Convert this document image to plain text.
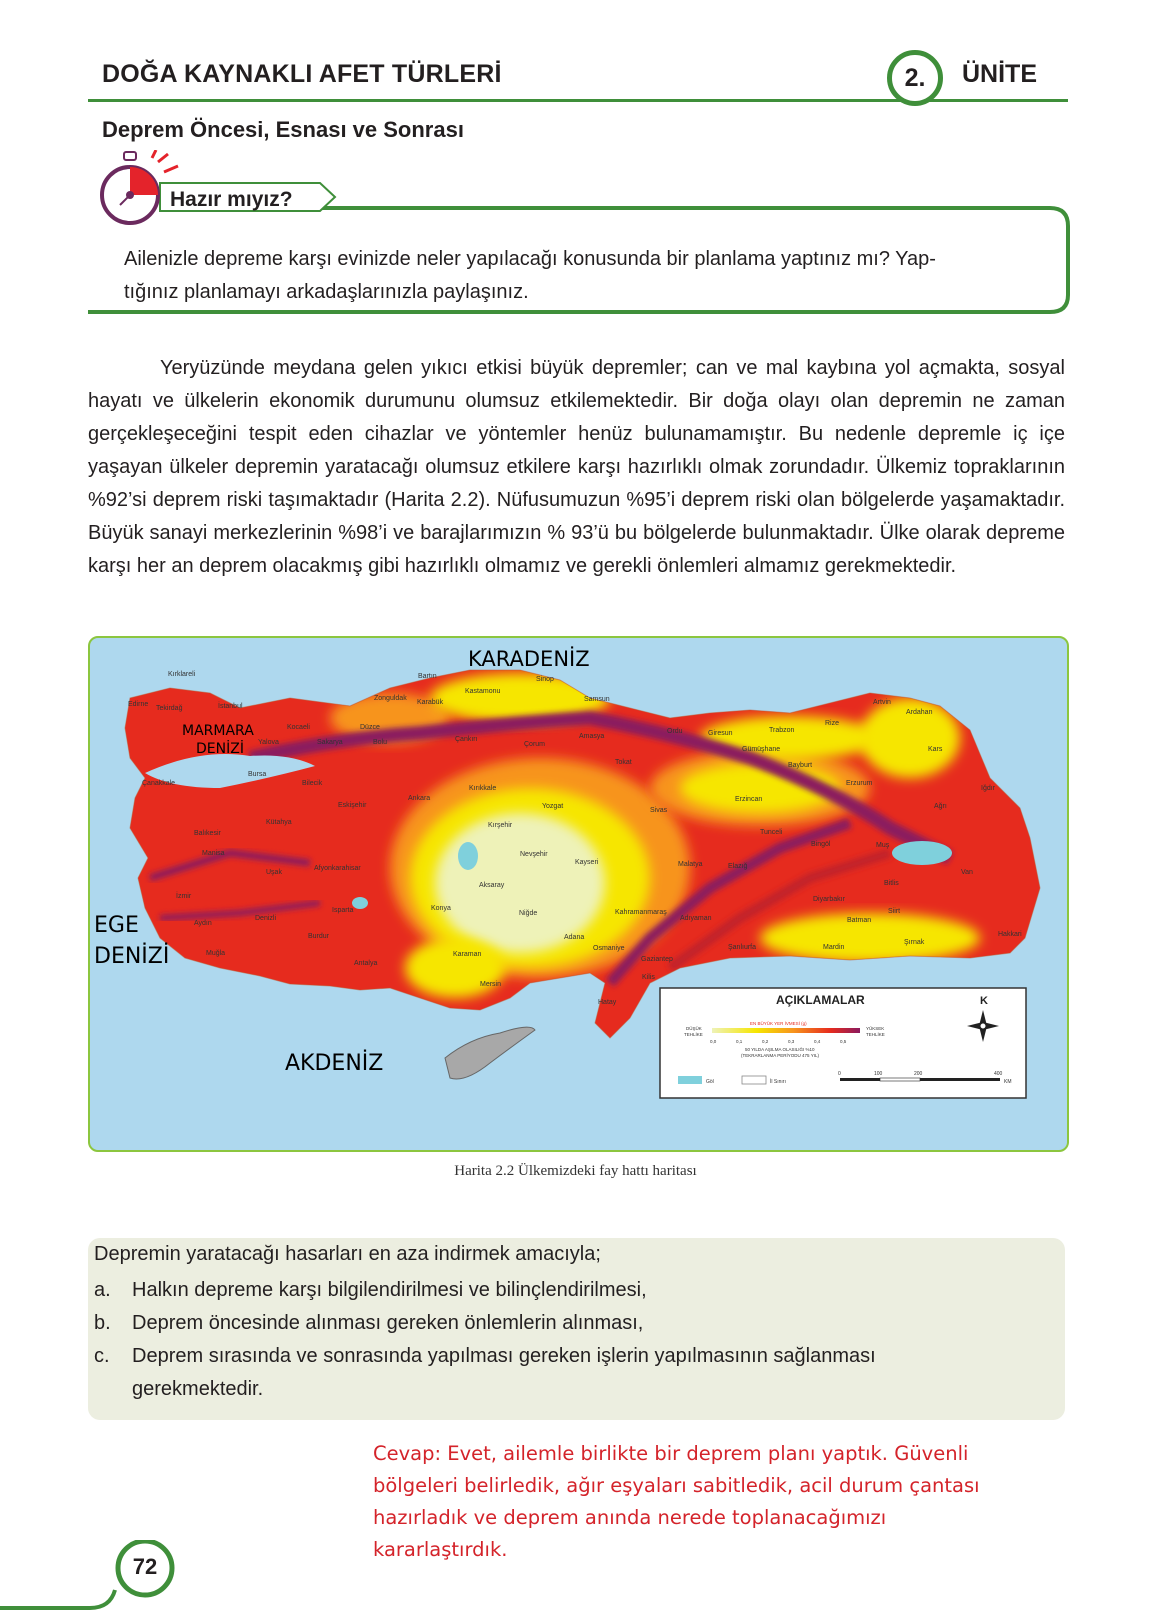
DOĞA KAYNAKLI AFET TÜRLERİ	2.	ÜNİTE
Deprem Öncesi, Esnası ve Sonrası
Hazır mıyız?
Ailenizle depreme karşı evinizde neler yapılacağı konusunda bir planlama yaptınız mı? Yap-
tığınız planlamayı arkadaşlarınızla paylaşınız.

Yeryüzünde meydana gelen yıkıcı etkisi büyük depremler; can ve mal kaybına yol açmakta, sosyal hayatı ve ülkelerin ekonomik durumunu olumsuz etkilemektedir. Bir doğa olayı olan depremin ne zaman gerçekleşeceğini tespit eden cihazlar ve yöntemler henüz bulunamamıştır. Bu nedenle depremle iç içe yaşayan ülkeler depremin yaratacağı olumsuz etkilere karşı hazırlıklı olmak zorundadır. Ülkemiz topraklarının %92’si deprem riski taşımaktadır (Harita 2.2). Nüfusumuzun %95’i deprem riski olan bölgelerde yaşamaktadır. Büyük sanayi merkezlerinin %98’i ve barajlarımızın % 93’ü bu bölgelerde bulunmaktadır. Ülke olarak depreme karşı her an deprem olacakmış gibi hazırlıklı olmamız ve gerekli önlemleri almamız gerekmektedir.

KARADENİZ
MARMARA
DENİZİ
EGE
DENİZİ
AKDENİZ
Kırklareli
Edirne
Tekirdağ	İstanbul
Kocaeli
Yalova	Sakarya
Düzce
Bolu
Zonguldak
Karabük
Bartın
Kastamonu
Sinop
Samsun
Çankırı
Çorum
Amasya
Tokat
Ordu	Giresun	Trabzon
Rize
Artvin
Ardahan
Kars
Iğdır
Ağrı
Erzurum
Bayburt
Gümüşhane
Erzincan
Tunceli
Bingöl	Muş
Van
Bitlis
Siirt
Şırnak
Hakkari
Batman
Mardin
Diyarbakır
Şanlıurfa
Adıyaman
Malatya	Elazığ
Sivas
Yozgat
Kırıkkale
Ankara
Kırşehir
Nevşehir
Kayseri
Aksaray
Niğde
Konya
Karaman
Mersin
Adana
Osmaniye
Kahramanmaraş
Gaziantep
Kilis
Hatay
Antalya
Burdur
Isparta
Afyonkarahisar
Uşak
Denizli
Aydın
Muğla
İzmir
Manisa
Balıkesir
Çanakkale
Bursa
Bilecik
Eskişehir
Kütahya
AÇIKLAMALAR	K
EN BÜYÜK YER İVMESİ (g)
DÜŞÜK
TEHLİKE
YÜKSEK
TEHLİKE
0,0	0,1	0,2	0,3	0,4	0,5
50 YILDA AŞILMA OLASILIĞI %10
(TEKRARLANMA PERİYODU 475 YIL)
Göl	İl Sınırı
0	100	200	400
KM
Harita 2.2 Ülkemizdeki fay hattı haritası
Depremin yaratacağı hasarları en aza indirmek amacıyla;
a. Halkın depreme karşı bilgilendirilmesi ve bilinçlendirilmesi,
b. Deprem öncesinde alınması gereken önlemlerin alınması,
c. Deprem sırasında ve sonrasında yapılması gereken işlerin yapılmasının sağlanması gerekmektedir.
Cevap: Evet, ailemle birlikte bir deprem planı yaptık. Güvenli bölgeleri belirledik, ağır eşyaları sabitledik, acil durum çantası hazırladık ve deprem anında nerede toplanacağımızı kararlaştırdık.
72
